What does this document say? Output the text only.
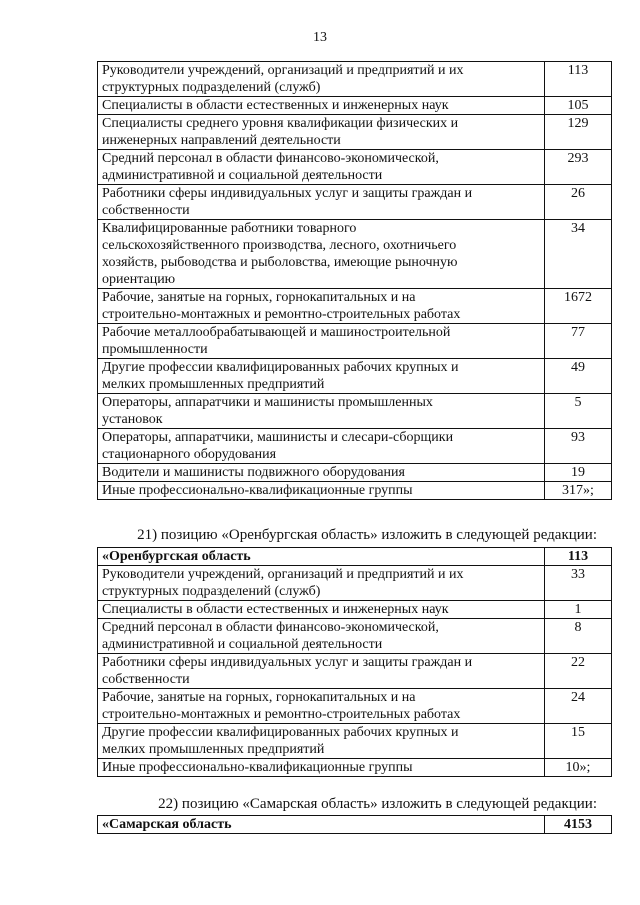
13
Руководители учреждений, организаций и предприятий и их
структурных подразделений (служб)	113
Специалисты в области естественных и инженерных наук	105
Специалисты среднего уровня квалификации физических и
инженерных направлений деятельности	129
Средний персонал в области финансово-экономической,
административной и социальной деятельности	293
Работники сферы индивидуальных услуг и защиты граждан и
собственности	26
Квалифицированные работники товарного
сельскохозяйственного производства, лесного, охотничьего
хозяйств, рыбоводства и рыболовства, имеющие рыночную
ориентацию	34
Рабочие, занятые на горных, горнокапитальных и на
строительно-монтажных и ремонтно-строительных работах	1672
Рабочие металлообрабатывающей и машиностроительной
промышленности	77
Другие профессии квалифицированных рабочих крупных и
мелких промышленных предприятий	49
Операторы, аппаратчики и машинисты промышленных
установок	5
Операторы, аппаратчики, машинисты и слесари-сборщики
стационарного оборудования	93
Водители и машинисты подвижного оборудования	19
Иные профессионально-квалификационные группы	317»;
21) позицию «Оренбургская область» изложить в следующей редакции:
«Оренбургская область	113
Руководители учреждений, организаций и предприятий и их
структурных подразделений (служб)	33
Специалисты в области естественных и инженерных наук	1
Средний персонал в области финансово-экономической,
административной и социальной деятельности	8
Работники сферы индивидуальных услуг и защиты граждан и
собственности	22
Рабочие, занятые на горных, горнокапитальных и на
строительно-монтажных и ремонтно-строительных работах	24
Другие профессии квалифицированных рабочих крупных и
мелких промышленных предприятий	15
Иные профессионально-квалификационные группы	10»;
22) позицию «Самарская область» изложить в следующей редакции:
«Самарская область	4153
